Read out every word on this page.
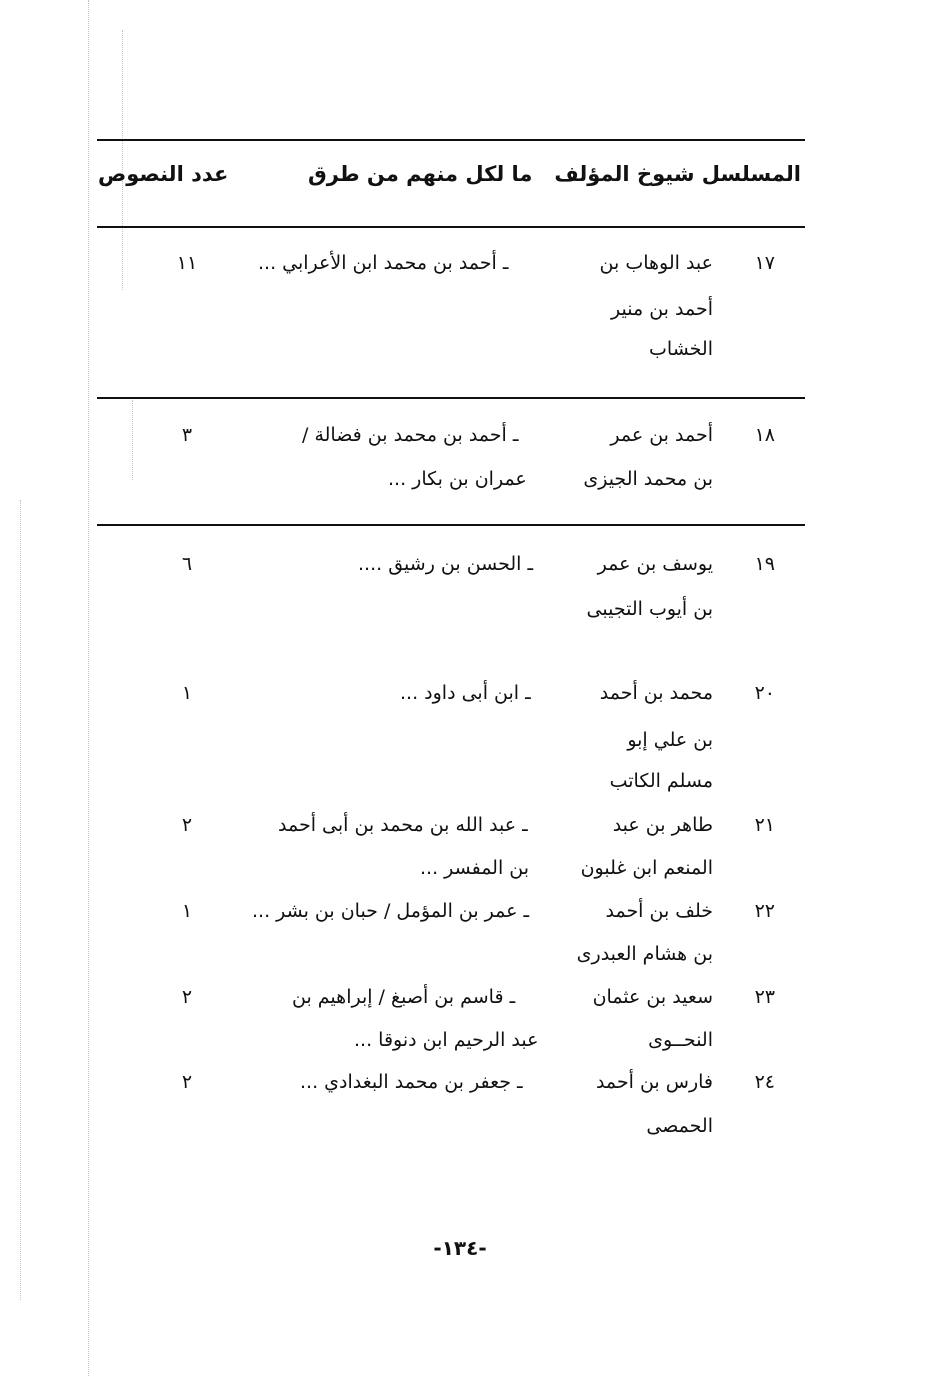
المسلسل شيوخ المؤلف
ما لكل منهم من طرق
عدد النصوص
١٧
عبد الوهاب بن
أحمد بن منير
الخشاب
ـ أحمد بن محمد ابن الأعرابي ...
١١
١٨
أحمد بن عمر
بن محمد الجيزى
ـ أحمد بن محمد بن فضالة /
عمران بن بكار ...
٣
١٩
يوسف بن عمر
بن أيوب التجيبى
ـ الحسن بن رشيق ....
٦
٢٠
محمد بن أحمد
بن علي إبو
مسلم الكاتب
ـ ابن أبى داود ...
١
٢١
طاهر بن عبد
المنعم ابن غلبون
ـ عبد الله بن محمد بن أبى أحمد
بن المفسر ...
٢
٢٢
خلف بن أحمد
بن هشام العبدرى
ـ عمر بن المؤمل / حبان بن بشر ...
١
٢٣
سعيد بن عثمان
النحــوى
ـ قاسم بن أصبغ / إبراهيم بن
عبد الرحيم ابن دنوقا ...
٢
٢٤
فارس بن أحمد
الحمصى
ـ جعفر بن محمد البغدادي ...
٢
-١٣٤-
